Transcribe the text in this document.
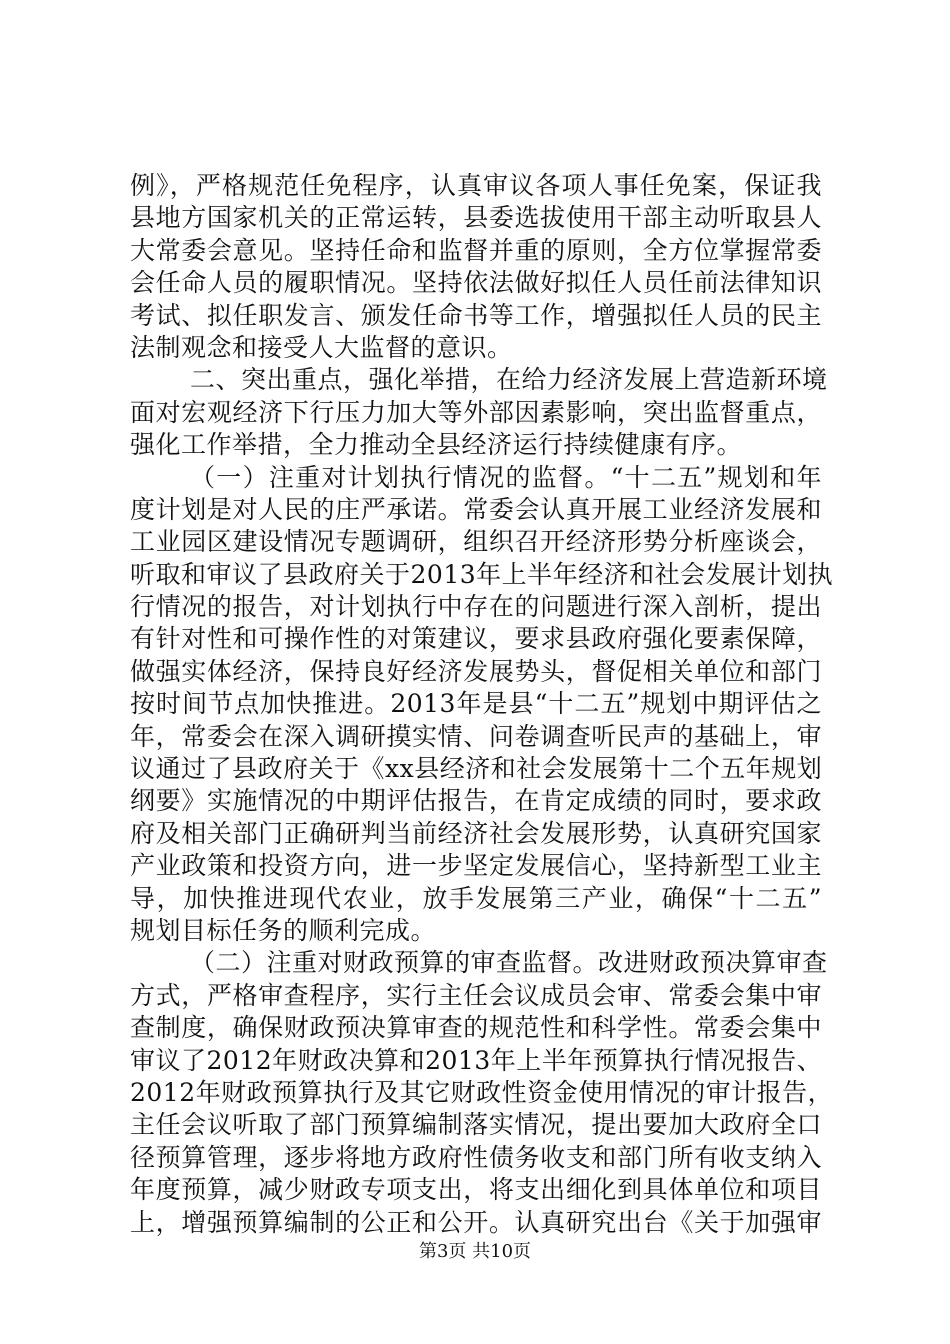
例》，严格规范任免程序，认真审议各项人事任免案，保证我
县地方国家机关的正常运转，县委选拔使用干部主动听取县人
大常委会意见。坚持任命和监督并重的原则，全方位掌握常委
会任命人员的履职情况。坚持依法做好拟任人员任前法律知识
考试、拟任职发言、颁发任命书等工作，增强拟任人员的民主
法制观念和接受人大监督的意识。
二、突出重点，强化举措，在给力经济发展上营造新环境
面对宏观经济下行压力加大等外部因素影响，突出监督重点，
强化工作举措，全力推动全县经济运行持续健康有序。
（一）注重对计划执行情况的监督。“十二五”规划和年
度计划是对人民的庄严承诺。常委会认真开展工业经济发展和
工业园区建设情况专题调研，组织召开经济形势分析座谈会，
听取和审议了县政府关于2013年上半年经济和社会发展计划执
行情况的报告，对计划执行中存在的问题进行深入剖析，提出
有针对性和可操作性的对策建议，要求县政府强化要素保障，
做强实体经济，保持良好经济发展势头，督促相关单位和部门
按时间节点加快推进。2013年是县“十二五”规划中期评估之
年，常委会在深入调研摸实情、问卷调查听民声的基础上，审
议通过了县政府关于《xx县经济和社会发展第十二个五年规划
纲要》实施情况的中期评估报告，在肯定成绩的同时，要求政
府及相关部门正确研判当前经济社会发展形势，认真研究国家
产业政策和投资方向，进一步坚定发展信心，坚持新型工业主
导，加快推进现代农业，放手发展第三产业，确保“十二五”
规划目标任务的顺利完成。
（二）注重对财政预算的审查监督。改进财政预决算审查
方式，严格审查程序，实行主任会议成员会审、常委会集中审
查制度，确保财政预决算审查的规范性和科学性。常委会集中
审议了2012年财政决算和2013年上半年预算执行情况报告、
2012年财政预算执行及其它财政性资金使用情况的审计报告，
主任会议听取了部门预算编制落实情况，提出要加大政府全口
径预算管理，逐步将地方政府性债务收支和部门所有收支纳入
年度预算，减少财政专项支出，将支出细化到具体单位和项目
上，增强预算编制的公正和公开。认真研究出台《关于加强审
第3页 共10页
